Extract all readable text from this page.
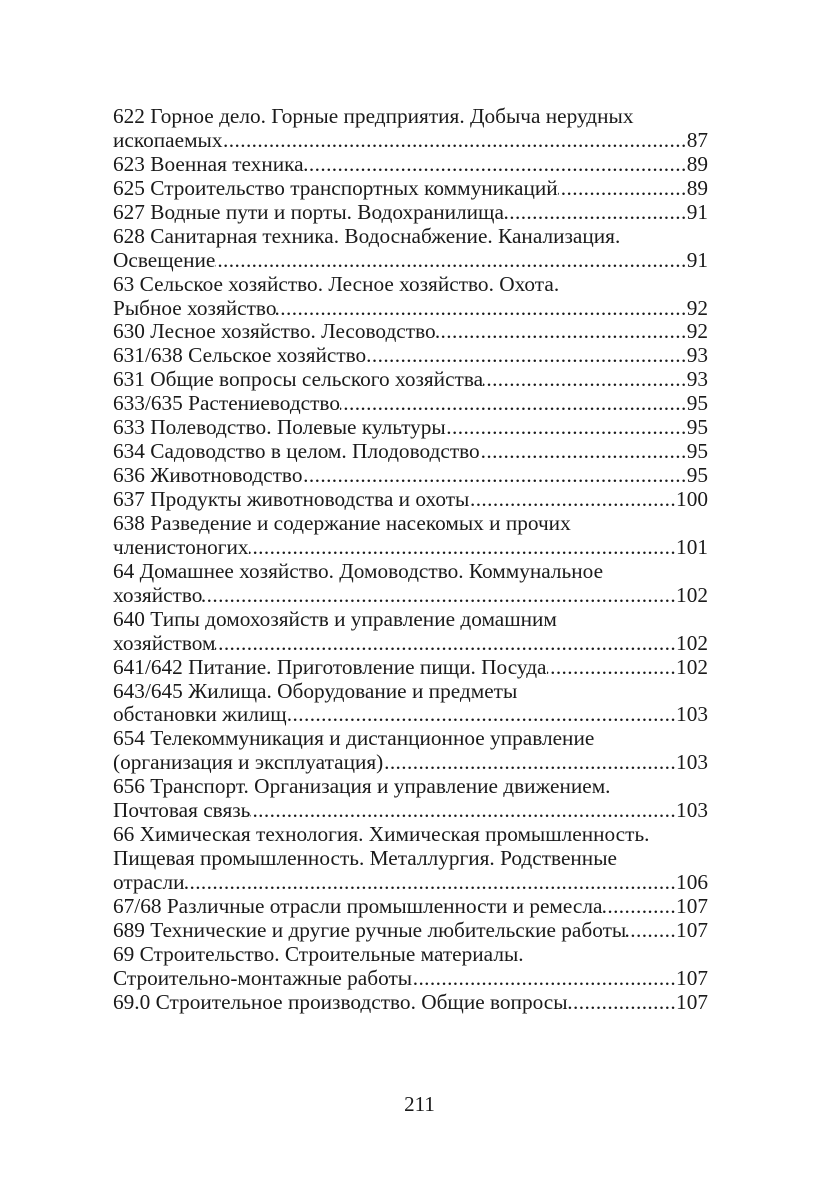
622 Горное дело. Горные предприятия. Добыча нерудных
ископаемых .....	87
623 Военная техника .....	89
625 Строительство транспортных коммуникаций .....	89
627 Водные пути и порты. Водохранилища .....	91
628 Санитарная техника. Водоснабжение. Канализация.
Освещение .....	91
63 Сельское хозяйство. Лесное хозяйство. Охота.
Рыбное хозяйство .....	92
630 Лесное хозяйство. Лесоводство .....	92
631/638 Сельское хозяйство .....	93
631 Общие вопросы сельского хозяйства .....	93
633/635 Растениеводство .....	95
633 Полеводство. Полевые культуры .....	95
634 Садоводство в целом. Плодоводство .....	95
636 Животноводство .....	95
637 Продукты животноводства и охоты .....	100
638 Разведение и содержание насекомых и прочих
членистоногих .....	101
64 Домашнее хозяйство. Домоводство. Коммунальное
хозяйство .....	102
640 Типы домохозяйств и управление домашним
хозяйством .....	102
641/642 Питание. Приготовление пищи. Посуда .....	102
643/645 Жилища. Оборудование и предметы
обстановки жилищ .....	103
654 Телекоммуникация и дистанционное управление
(организация и эксплуатация) .....	103
656 Транспорт. Организация и управление движением.
Почтовая связь .....	103
66 Химическая технология. Химическая промышленность.
Пищевая промышленность. Металлургия. Родственные
отрасли .....	106
67/68 Различные отрасли промышленности и ремесла .....	107
689 Технические и другие ручные любительские работы ..... 107
69 Строительство. Строительные материалы.
Строительно-монтажные работы .....	107
69.0 Строительное производство. Общие вопросы .....	107
211
